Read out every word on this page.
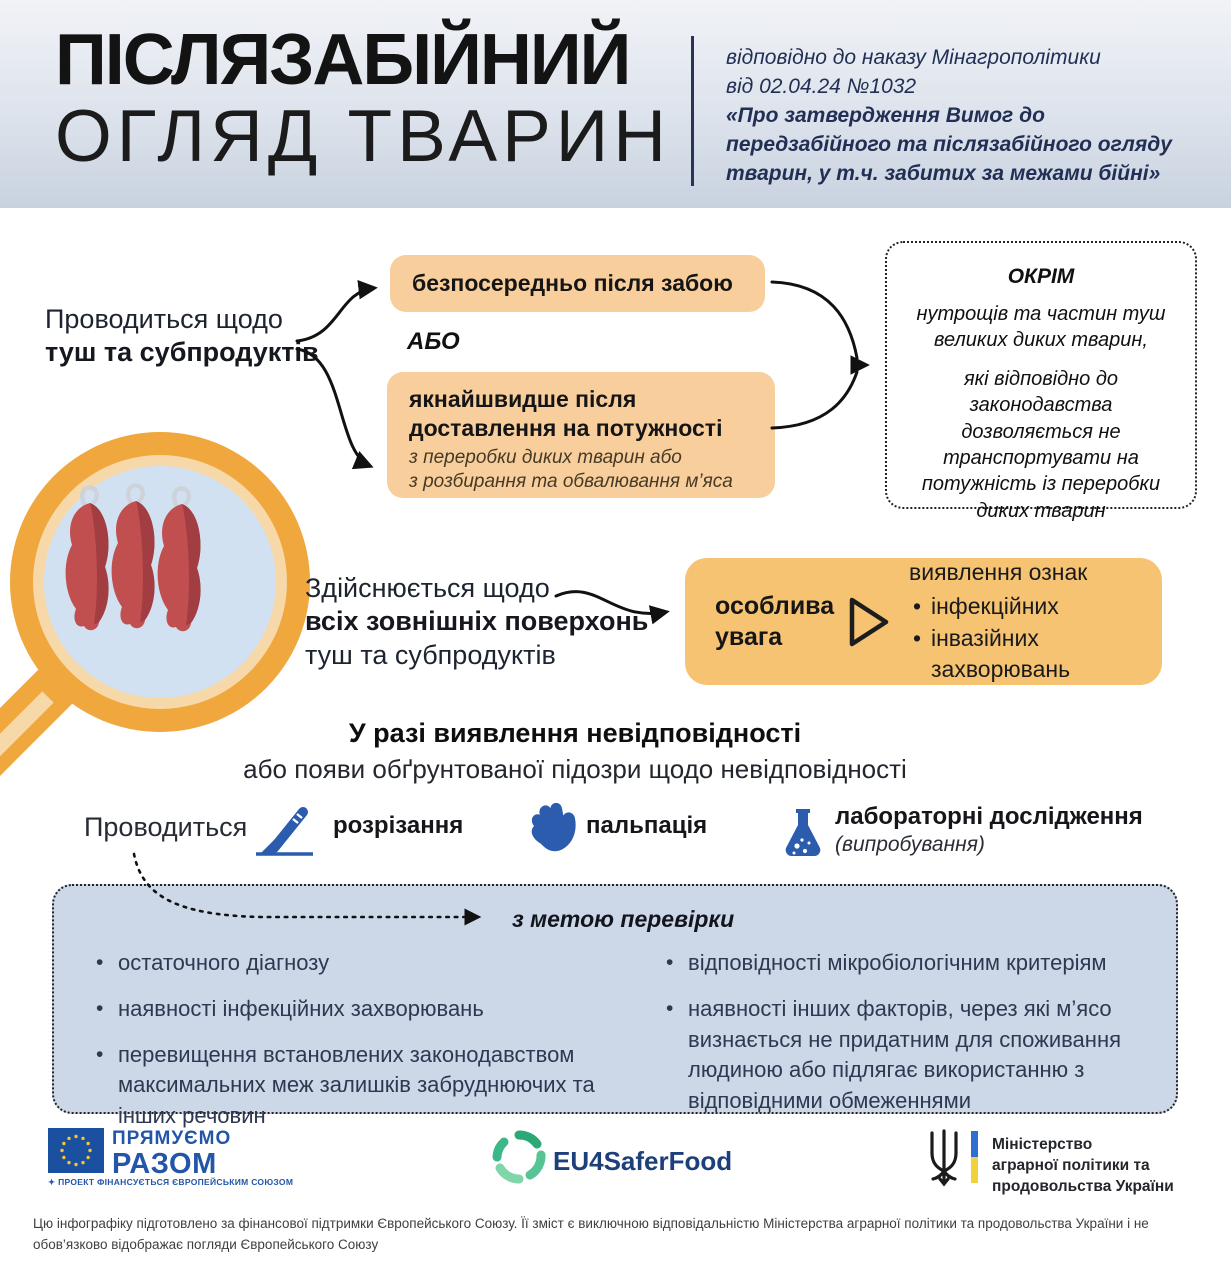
ПІСЛЯЗАБІЙНИЙ
ОГЛЯД ТВАРИН
відповідно до наказу Мінагрополітики
від 02.04.24 №1032
«Про затвердження Вимог до передзабійного та післязабійного огляду тварин, у т.ч. забитих за межами бійні»
Проводиться щодо
туш та субпродуктів
безпосередньо після забою
АБО
якнайшвидше після
доставлення на потужності
з переробки диких тварин або
з розбирання та обвалювання м’яса
ОКРІМ

нутрощів та частин туш великих диких тварин,

які відповідно до законодавства дозволяється не транспортувати на потужність із переробки диких тварин

Здійснюється щодо
всіх зовнішніх поверхонь
туш та субпродуктів
особлива
увага
виявлення ознак
• інфекційних
• інвазійних захворювань
У разі виявлення невідповідності
або появи обґрунтованої підозри щодо невідповідності
Проводиться	розрізання	пальпація	лабораторні дослідження
(випробування)
з метою перевірки
• остаточного діагнозу
• наявності інфекційних захворювань
• перевищення встановлених законодавством максимальних меж залишків забруднюючих та інших речовин
• відповідності мікробіологічним критеріям
• наявності інших факторів, через які м’ясо визнається не придатним для споживання людиною або підлягає використанню з відповідними обмеженнями
ПРЯМУЄМО
РАЗОМ
✦ ПРОЕКТ ФІНАНСУЄТЬСЯ ЄВРОПЕЙСЬКИМ СОЮЗОМ
EU4SaferFood
Міністерство
аграрної політики та
продовольства України
Цю інфографіку підготовлено за фінансової підтримки Європейського Союзу. Її зміст є виключною відповідальністю Міністерства аграрної політики та продовольства України і не обов’язково відображає погляди Європейського Союзу
